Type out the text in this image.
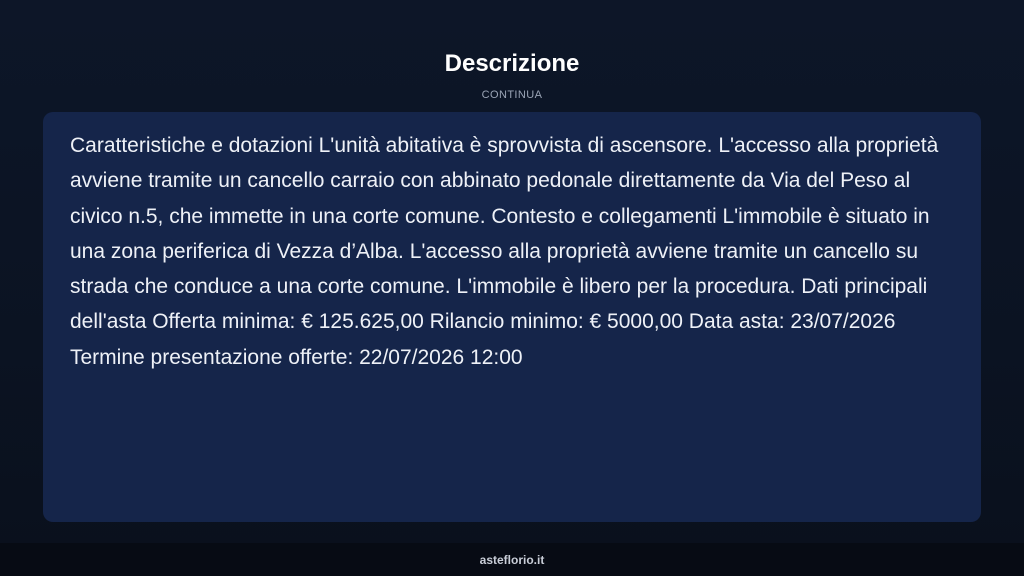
Descrizione
CONTINUA

Caratteristiche e dotazioni L'unità abitativa è sprovvista di ascensore. L'accesso alla proprietà avviene tramite un cancello carraio con abbinato pedonale direttamente da Via del Peso al civico n.5, che immette in una corte comune. Contesto e collegamenti L'immobile è situato in una zona periferica di Vezza d’Alba. L'accesso alla proprietà avviene tramite un cancello su strada che conduce a una corte comune. L'immobile è libero per la procedura. Dati principali dell'asta Offerta minima: € 125.625,00 Rilancio minimo: € 5000,00 Data asta: 23/07/2026 Termine presentazione offerte: 22/07/2026 12:00

asteflorio.it
